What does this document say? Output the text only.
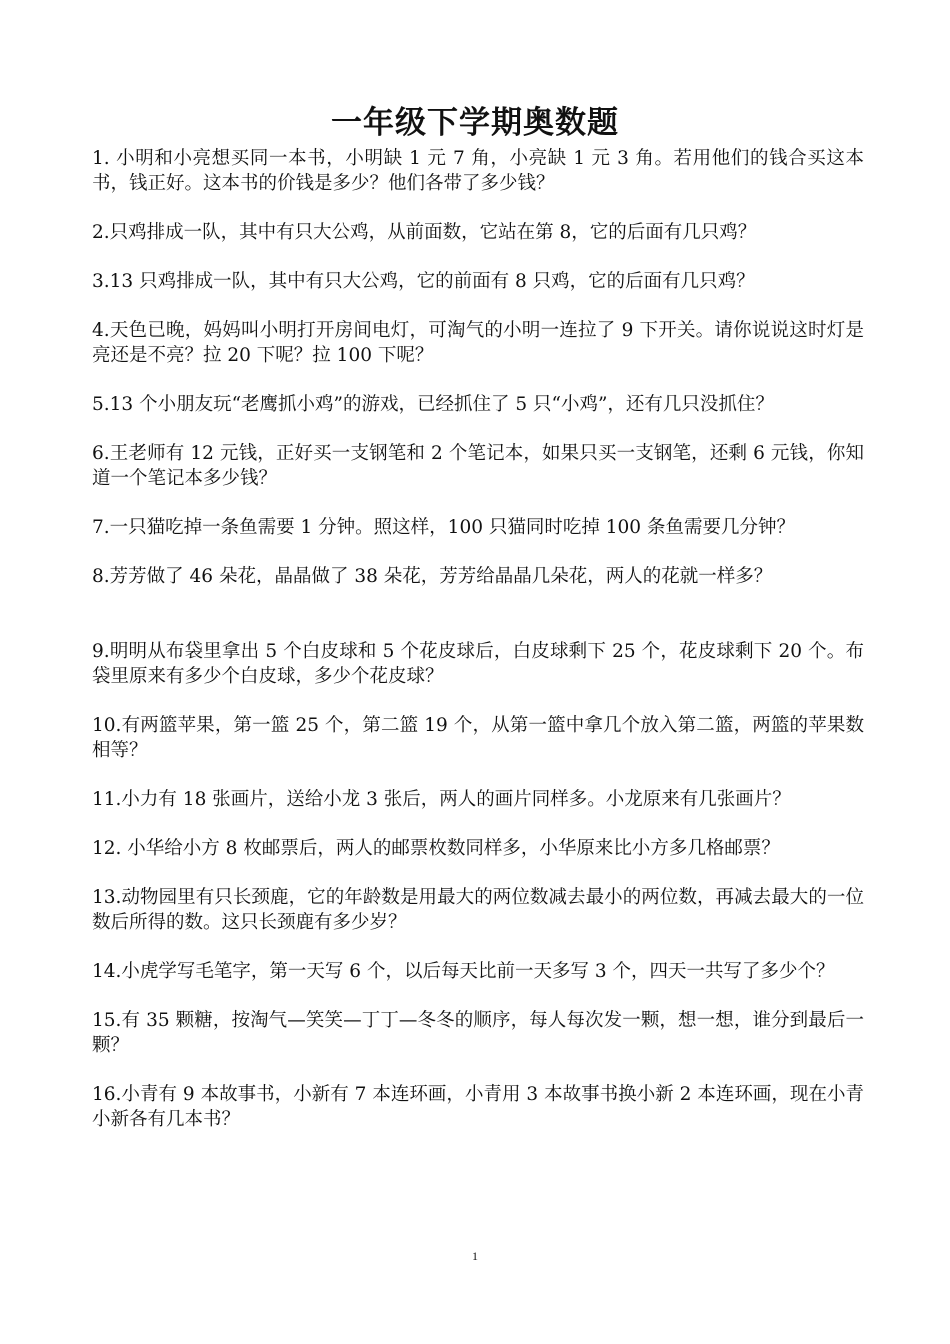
一年级下学期奥数题
1. 小明和小亮想买同一本书，小明缺 1 元 7 角，小亮缺 1 元 3 角。若用他们的钱合买这本书，钱正好。这本书的价钱是多少？他们各带了多少钱？
2.只鸡排成一队，其中有只大公鸡，从前面数，它站在第 8，它的后面有几只鸡？
3.13 只鸡排成一队，其中有只大公鸡，它的前面有 8 只鸡，它的后面有几只鸡？
4.天色已晚，妈妈叫小明打开房间电灯，可淘气的小明一连拉了 9 下开关。请你说说这时灯是亮还是不亮？拉 20 下呢？拉 100 下呢？
5.13 个小朋友玩“老鹰抓小鸡”的游戏，已经抓住了 5 只“小鸡”，还有几只没抓住？
6.王老师有 12 元钱，正好买一支钢笔和 2 个笔记本，如果只买一支钢笔，还剩 6 元钱，你知道一个笔记本多少钱？
7.一只猫吃掉一条鱼需要 1 分钟。照这样，100 只猫同时吃掉 100 条鱼需要几分钟？
8.芳芳做了 46 朵花，晶晶做了 38 朵花，芳芳给晶晶几朵花，两人的花就一样多？
9.明明从布袋里拿出 5 个白皮球和 5 个花皮球后，白皮球剩下 25 个，花皮球剩下 20 个。布袋里原来有多少个白皮球，多少个花皮球？
10.有两篮苹果，第一篮 25 个，第二篮 19 个，从第一篮中拿几个放入第二篮，两篮的苹果数相等？
11.小力有 18 张画片，送给小龙 3 张后，两人的画片同样多。小龙原来有几张画片？
12. 小华给小方 8 枚邮票后，两人的邮票枚数同样多，小华原来比小方多几格邮票？
13.动物园里有只长颈鹿，它的年龄数是用最大的两位数减去最小的两位数，再减去最大的一位数后所得的数。这只长颈鹿有多少岁？
14.小虎学写毛笔字，第一天写 6 个，以后每天比前一天多写 3 个，四天一共写了多少个？
15.有 35 颗糖，按淘气—笑笑—丁丁—冬冬的顺序，每人每次发一颗，想一想，谁分到最后一颗？
16.小青有 9 本故事书，小新有 7 本连环画，小青用 3 本故事书换小新 2 本连环画，现在小青 小新各有几本书？
1
